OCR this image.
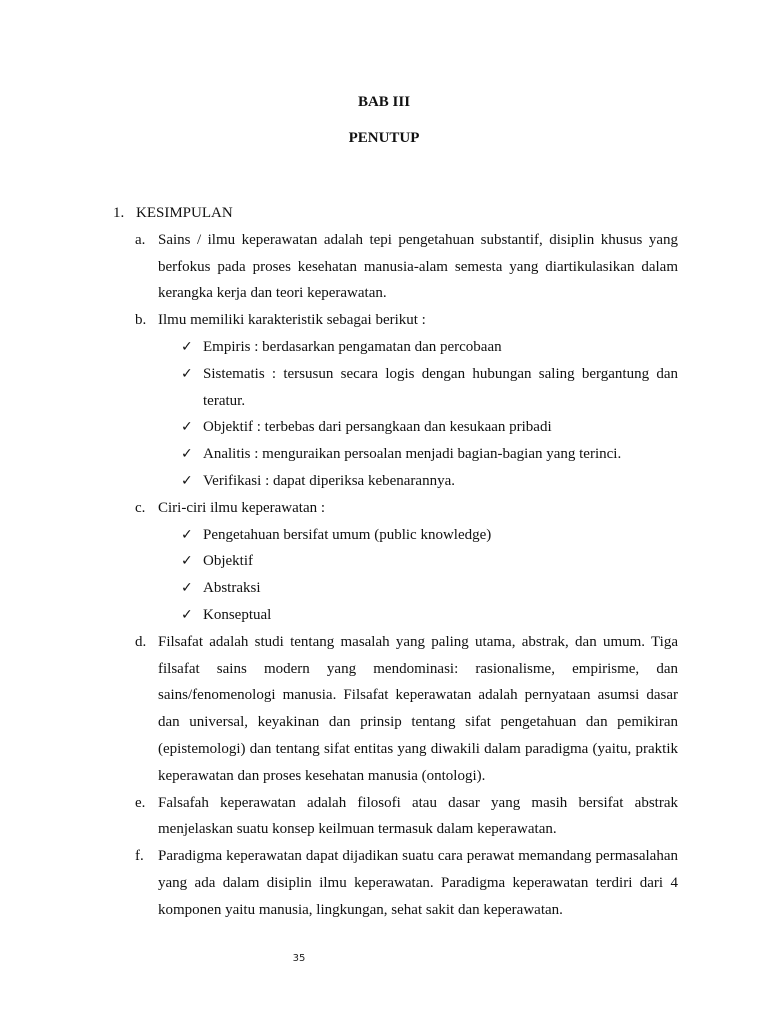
BAB III
PENUTUP
1. KESIMPULAN
a. Sains / ilmu keperawatan adalah tepi pengetahuan substantif, disiplin khusus yang berfokus pada proses kesehatan manusia-alam semesta yang diartikulasikan dalam kerangka kerja dan teori keperawatan.
b. Ilmu memiliki karakteristik sebagai berikut :
✓ Empiris : berdasarkan pengamatan dan percobaan
✓ Sistematis : tersusun secara logis dengan hubungan saling bergantung dan teratur.
✓ Objektif : terbebas dari persangkaan dan kesukaan pribadi
✓ Analitis : menguraikan persoalan menjadi bagian-bagian yang terinci.
✓ Verifikasi : dapat diperiksa kebenarannya.
c. Ciri-ciri ilmu keperawatan :
✓ Pengetahuan bersifat umum (public knowledge)
✓ Objektif
✓ Abstraksi
✓ Konseptual
d. Filsafat adalah studi tentang masalah yang paling utama, abstrak, dan umum. Tiga filsafat sains modern yang mendominasi: rasionalisme, empirisme, dan sains/fenomenologi manusia. Filsafat keperawatan adalah pernyataan asumsi dasar dan universal, keyakinan dan prinsip tentang sifat pengetahuan dan pemikiran (epistemologi) dan tentang sifat entitas yang diwakili dalam paradigma (yaitu, praktik keperawatan dan proses kesehatan manusia (ontologi).
e. Falsafah keperawatan adalah filosofi atau dasar yang masih bersifat abstrak menjelaskan suatu konsep keilmuan termasuk dalam keperawatan.
f. Paradigma keperawatan dapat dijadikan suatu cara perawat memandang permasalahan yang ada dalam disiplin ilmu keperawatan. Paradigma keperawatan terdiri dari 4 komponen yaitu manusia, lingkungan, sehat sakit dan keperawatan.
35
